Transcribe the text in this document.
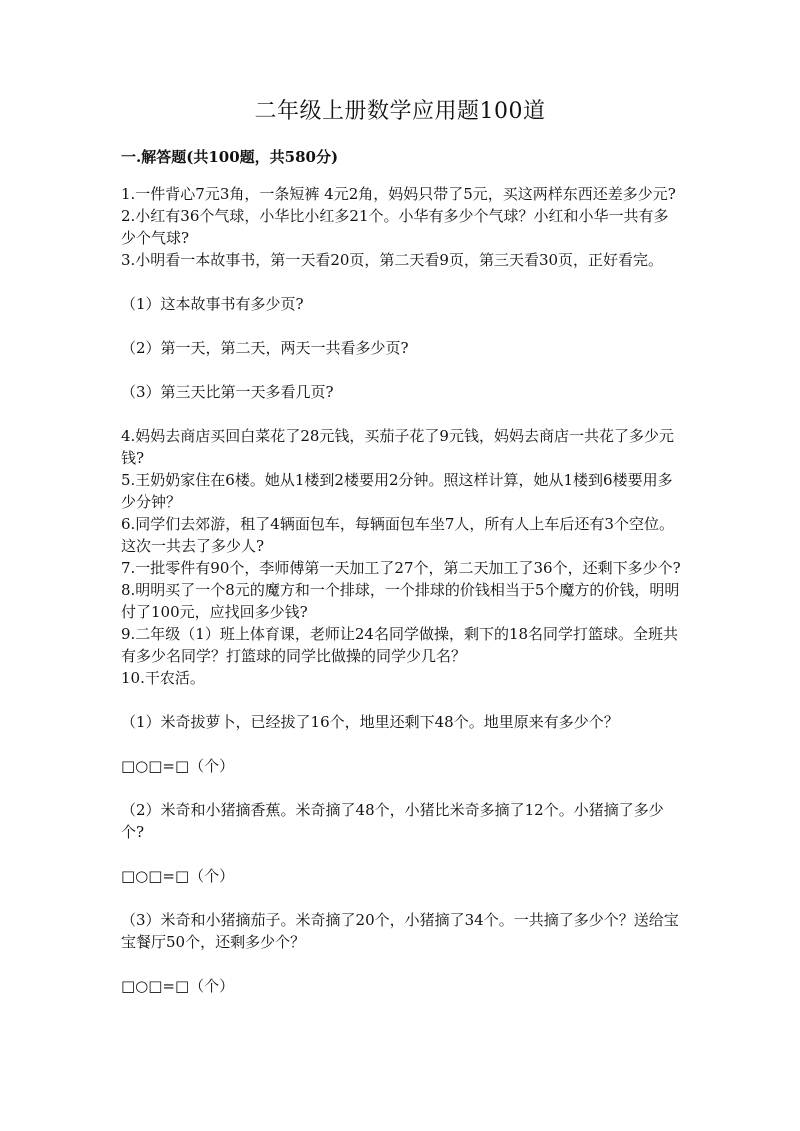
二年级上册数学应用题100道
一.解答题(共100题，共580分)

1.一件背心7元3角，一条短裤 4元2角，妈妈只带了5元，买这两样东西还差多少元?

2.小红有36个气球，小华比小红多21个。小华有多少个气球？小红和小华一共有多少个气球?

3.小明看一本故事书，第一天看20页，第二天看9页，第三天看30页，正好看完。

（1）这本故事书有多少页?

（2）第一天，第二天，两天一共看多少页?

（3）第三天比第一天多看几页?

4.妈妈去商店买回白菜花了28元钱，买茄子花了9元钱，妈妈去商店一共花了多少元钱?

5.王奶奶家住在6楼。她从1楼到2楼要用2分钟。照这样计算，她从1楼到6楼要用多少分钟？

6.同学们去郊游，租了4辆面包车，每辆面包车坐7人，所有人上车后还有3个空位。这次一共去了多少人?

7.一批零件有90个，李师傅第一天加工了27个，第二天加工了36个，还剩下多少个?

8.明明买了一个8元的魔方和一个排球，一个排球的价钱相当于5个魔方的价钱，明明付了100元，应找回多少钱?

9.二年级（1）班上体育课，老师让24名同学做操，剩下的18名同学打篮球。全班共有多少名同学？打篮球的同学比做操的同学少几名？

10.干农活。

（1）米奇拔萝卜，已经拔了16个，地里还剩下48个。地里原来有多少个？

□○□=□（个）

（2）米奇和小猪摘香蕉。米奇摘了48个，小猪比米奇多摘了12个。小猪摘了多少个?

□○□=□（个）

（3）米奇和小猪摘茄子。米奇摘了20个，小猪摘了34个。一共摘了多少个？送给宝宝餐厅50个，还剩多少个？

□○□=□（个）
